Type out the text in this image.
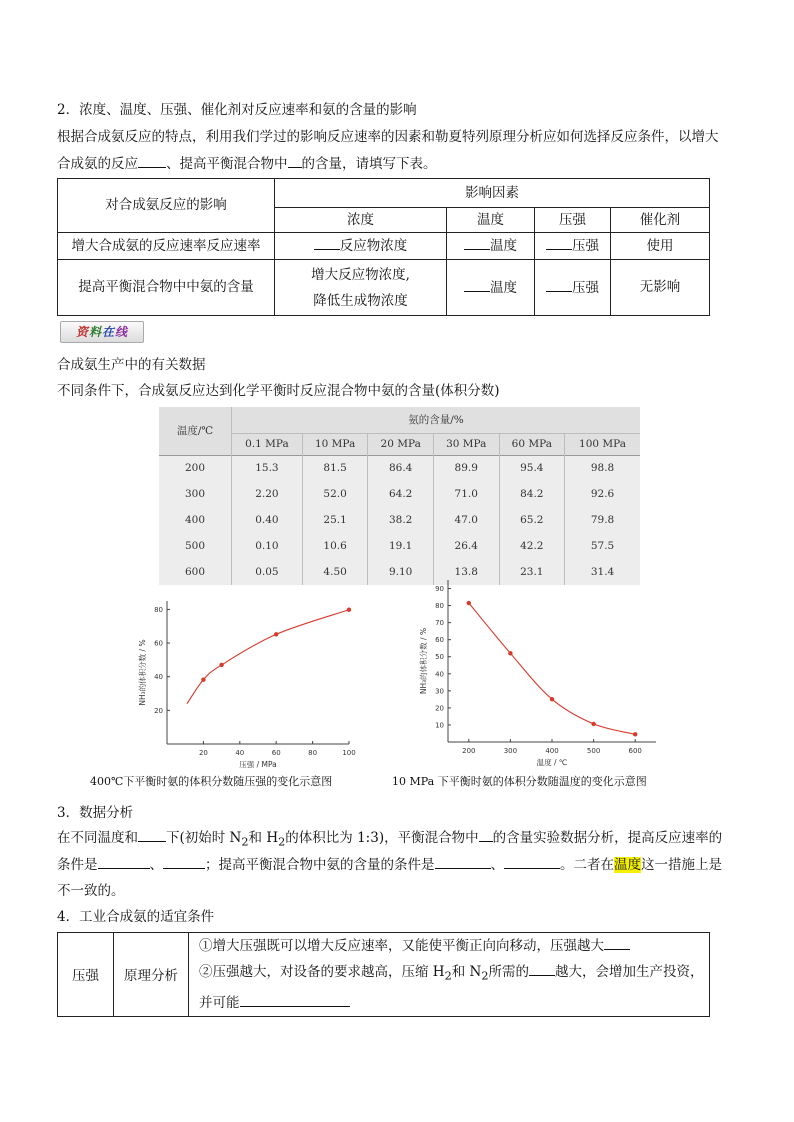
2．浓度、温度、压强、催化剂对反应速率和氨的含量的影响
根据合成氨反应的特点，利用我们学过的影响反应速率的因素和勒夏特列原理分析应如何选择反应条件，以增大
合成氨的反应 、提高平衡混合物中 的含量，请填写下表。
对合成氨反应的影响	影响因素			
	浓度	温度	压强	催化剂
增大合成氨的反应速率反应速率	反应物浓度	温度	压强	使用
提高平衡混合物中中氨的含量	增大反应物浓度,
降低生成物浓度	温度	压强	无影响
资料在线
合成氨生产中的有关数据
不同条件下，合成氨反应达到化学平衡时反应混合物中氨的含量(体积分数)
温度/℃	氨的含量/%					
	0.1 MPa	10 MPa	20 MPa	30 MPa	60 MPa	100 MPa
200	15.3	81.5	86.4	89.9	95.4	98.8
300	2.20	52.0	64.2	71.0	84.2	92.6
400	0.40	25.1	38.2	47.0	65.2	79.8
500	0.10	10.6	19.1	26.4	42.2	57.5
600	0.05	4.50	9.10	13.8	23.1	31.4
20	40	60	80	100
20
40
60
80
压强 / MPa
NH₃的体积分数 / %
400℃下平衡时氨的体积分数随压强的变化示意图
200	300	400	500	600
10
20
30
40
50
60
70
80
90
温度 / ℃
NH₃的体积分数 / %
10 MPa 下平衡时氨的体积分数随温度的变化示意图
3．数据分析
在不同温度和 下(初始时 $N_2$和 $H_2$的体积比为 1:3)，平衡混合物中 的含量实验数据分析，提高反应速率的
条件是	、	；提高平衡混合物中氨的含量的条件是	、	。二者在温度这一措施上是
不一致的。
4．工业合成氨的适宜条件
压强	原理分析	
①增大压强既可以增大反应速率，又能使平衡正向向移动，压强越大
②压强越大，对设备的要求越高，压缩 $H_2$和 $N_2$所需的 越大，会增加生产投资，
并可能
